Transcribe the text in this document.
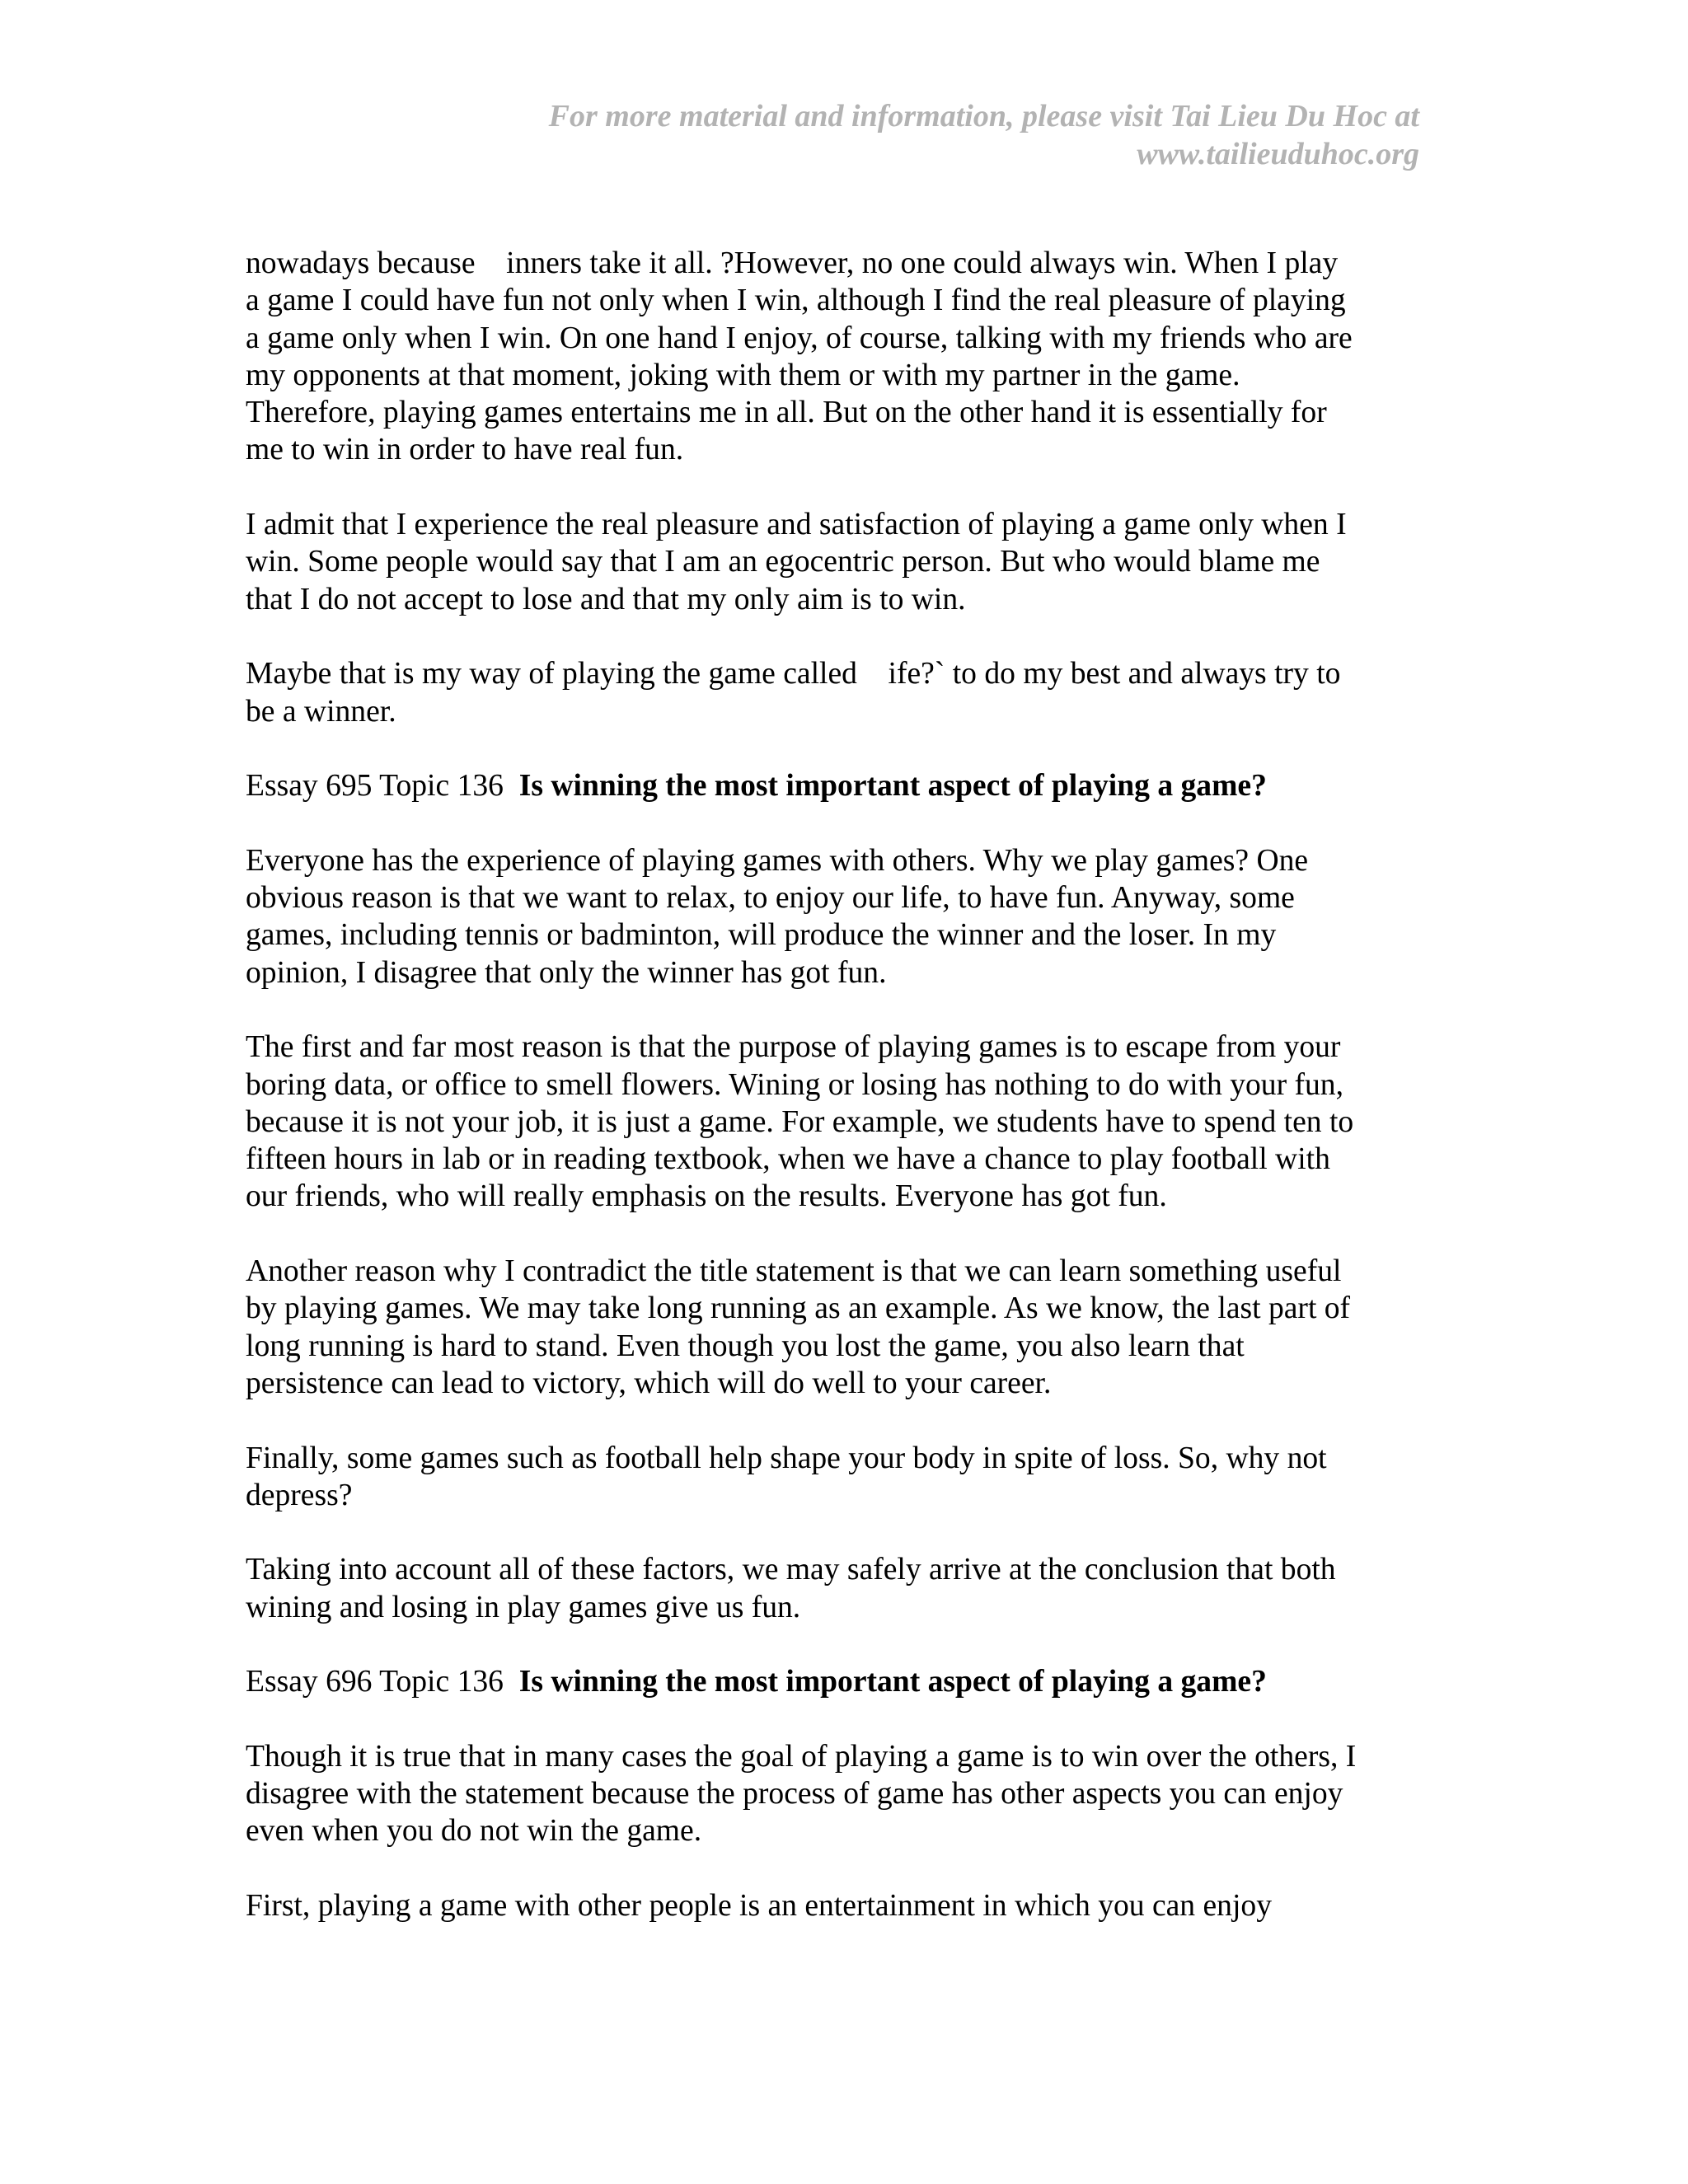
For more material and information, please visit Tai Lieu Du Hoc at
www.tailieuduhoc.org

nowadays because    inners take it all. ?However, no one could always win. When I play
a game I could have fun not only when I win, although I find the real pleasure of playing
a game only when I win. On one hand I enjoy, of course, talking with my friends who are
my opponents at that moment, joking with them or with my partner in the game.
Therefore, playing games entertains me in all. But on the other hand it is essentially for
me to win in order to have real fun.

I admit that I experience the real pleasure and satisfaction of playing a game only when I
win. Some people would say that I am an egocentric person. But who would blame me
that I do not accept to lose and that my only aim is to win.

Maybe that is my way of playing the game called    ife?` to do my best and always try to
be a winner.

Essay 695 Topic 136 Is winning the most important aspect of playing a game?

Everyone has the experience of playing games with others. Why we play games? One
obvious reason is that we want to relax, to enjoy our life, to have fun. Anyway, some
games, including tennis or badminton, will produce the winner and the loser. In my
opinion, I disagree that only the winner has got fun.

The first and far most reason is that the purpose of playing games is to escape from your
boring data, or office to smell flowers. Wining or losing has nothing to do with your fun,
because it is not your job, it is just a game. For example, we students have to spend ten to
fifteen hours in lab or in reading textbook, when we have a chance to play football with
our friends, who will really emphasis on the results. Everyone has got fun.

Another reason why I contradict the title statement is that we can learn something useful
by playing games. We may take long running as an example. As we know, the last part of
long running is hard to stand. Even though you lost the game, you also learn that
persistence can lead to victory, which will do well to your career.

Finally, some games such as football help shape your body in spite of loss. So, why not
depress?

Taking into account all of these factors, we may safely arrive at the conclusion that both
wining and losing in play games give us fun.

Essay 696 Topic 136 Is winning the most important aspect of playing a game?

Though it is true that in many cases the goal of playing a game is to win over the others, I
disagree with the statement because the process of game has other aspects you can enjoy
even when you do not win the game.

First, playing a game with other people is an entertainment in which you can enjoy
